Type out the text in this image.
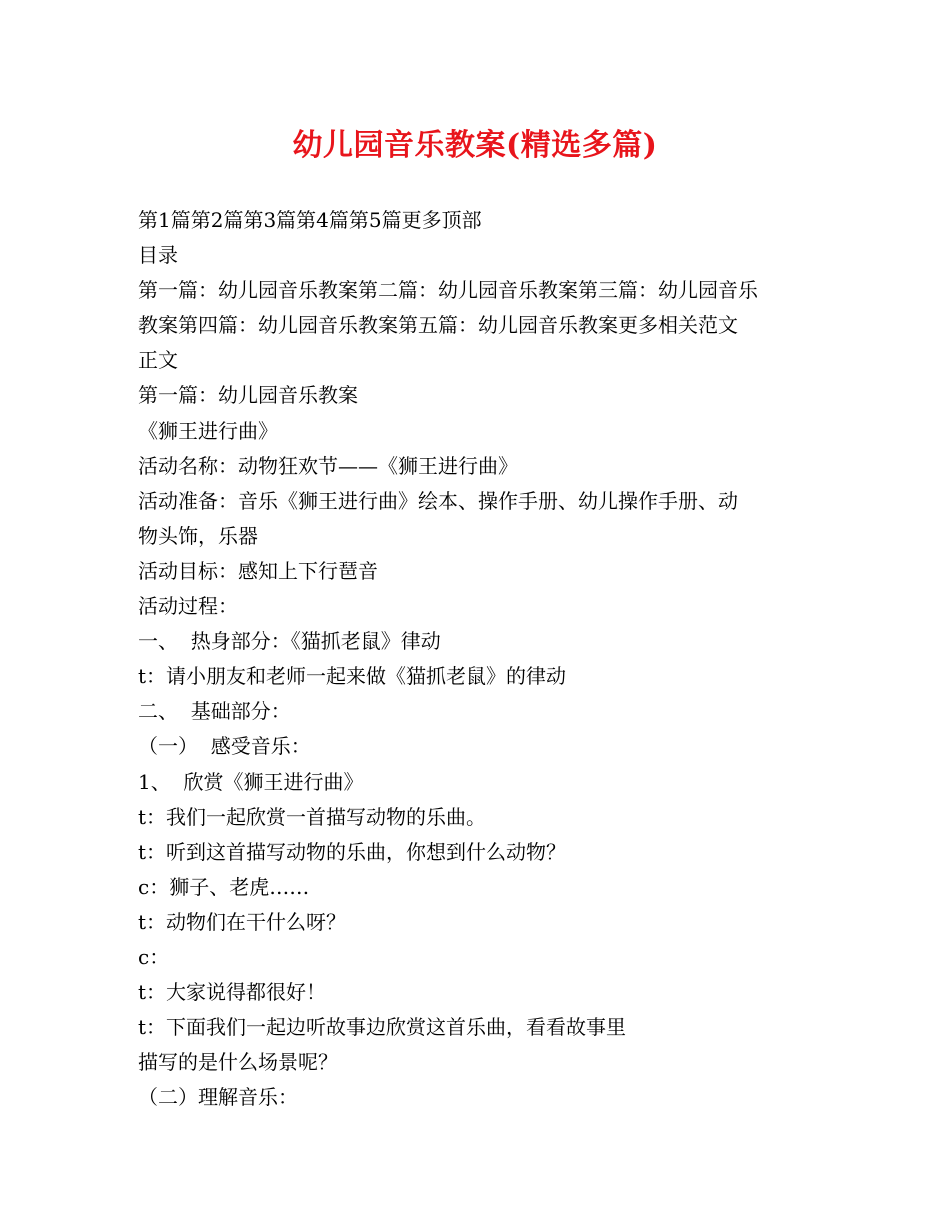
幼儿园音乐教案(精选多篇)
第1篇第2篇第3篇第4篇第5篇更多顶部
目录
第一篇：幼儿园音乐教案第二篇：幼儿园音乐教案第三篇：幼儿园音乐
教案第四篇：幼儿园音乐教案第五篇：幼儿园音乐教案更多相关范文
正文
第一篇：幼儿园音乐教案
《狮王进行曲》
活动名称：动物狂欢节——《狮王进行曲》
活动准备：音乐《狮王进行曲》绘本、操作手册、幼儿操作手册、动
物头饰，乐器
活动目标：感知上下行琶音
活动过程：
一、  热身部分：《猫抓老鼠》律动
t：请小朋友和老师一起来做《猫抓老鼠》的律动
二、  基础部分：
（一）  感受音乐：
1、  欣赏《狮王进行曲》
t：我们一起欣赏一首描写动物的乐曲。
t：听到这首描写动物的乐曲，你想到什么动物？
c：狮子、老虎……
t：动物们在干什么呀？
c：
t：大家说得都很好！
t：下面我们一起边听故事边欣赏这首乐曲，看看故事里
描写的是什么场景呢？
（二）理解音乐：
